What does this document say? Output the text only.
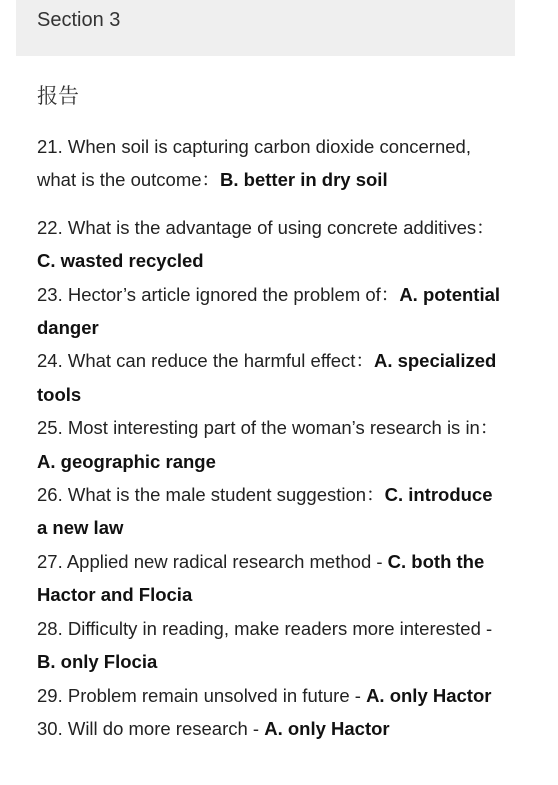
Section 3
报告
21. When soil is capturing carbon dioxide concerned, what is the outcome：B. better in dry soil
22. What is the advantage of using concrete additives：C. wasted recycled
23. Hector’s article ignored the problem of：A. potential danger
24. What can reduce the harmful effect：A. specialized tools
25. Most interesting part of the woman’s research is in：A. geographic range
26. What is the male student suggestion：C. introduce a new law
27. Applied new radical research method - C. both the Hactor and Flocia
28. Difficulty in reading, make readers more interested - B. only Flocia
29. Problem remain unsolved in future - A. only Hactor
30. Will do more research - A. only Hactor
